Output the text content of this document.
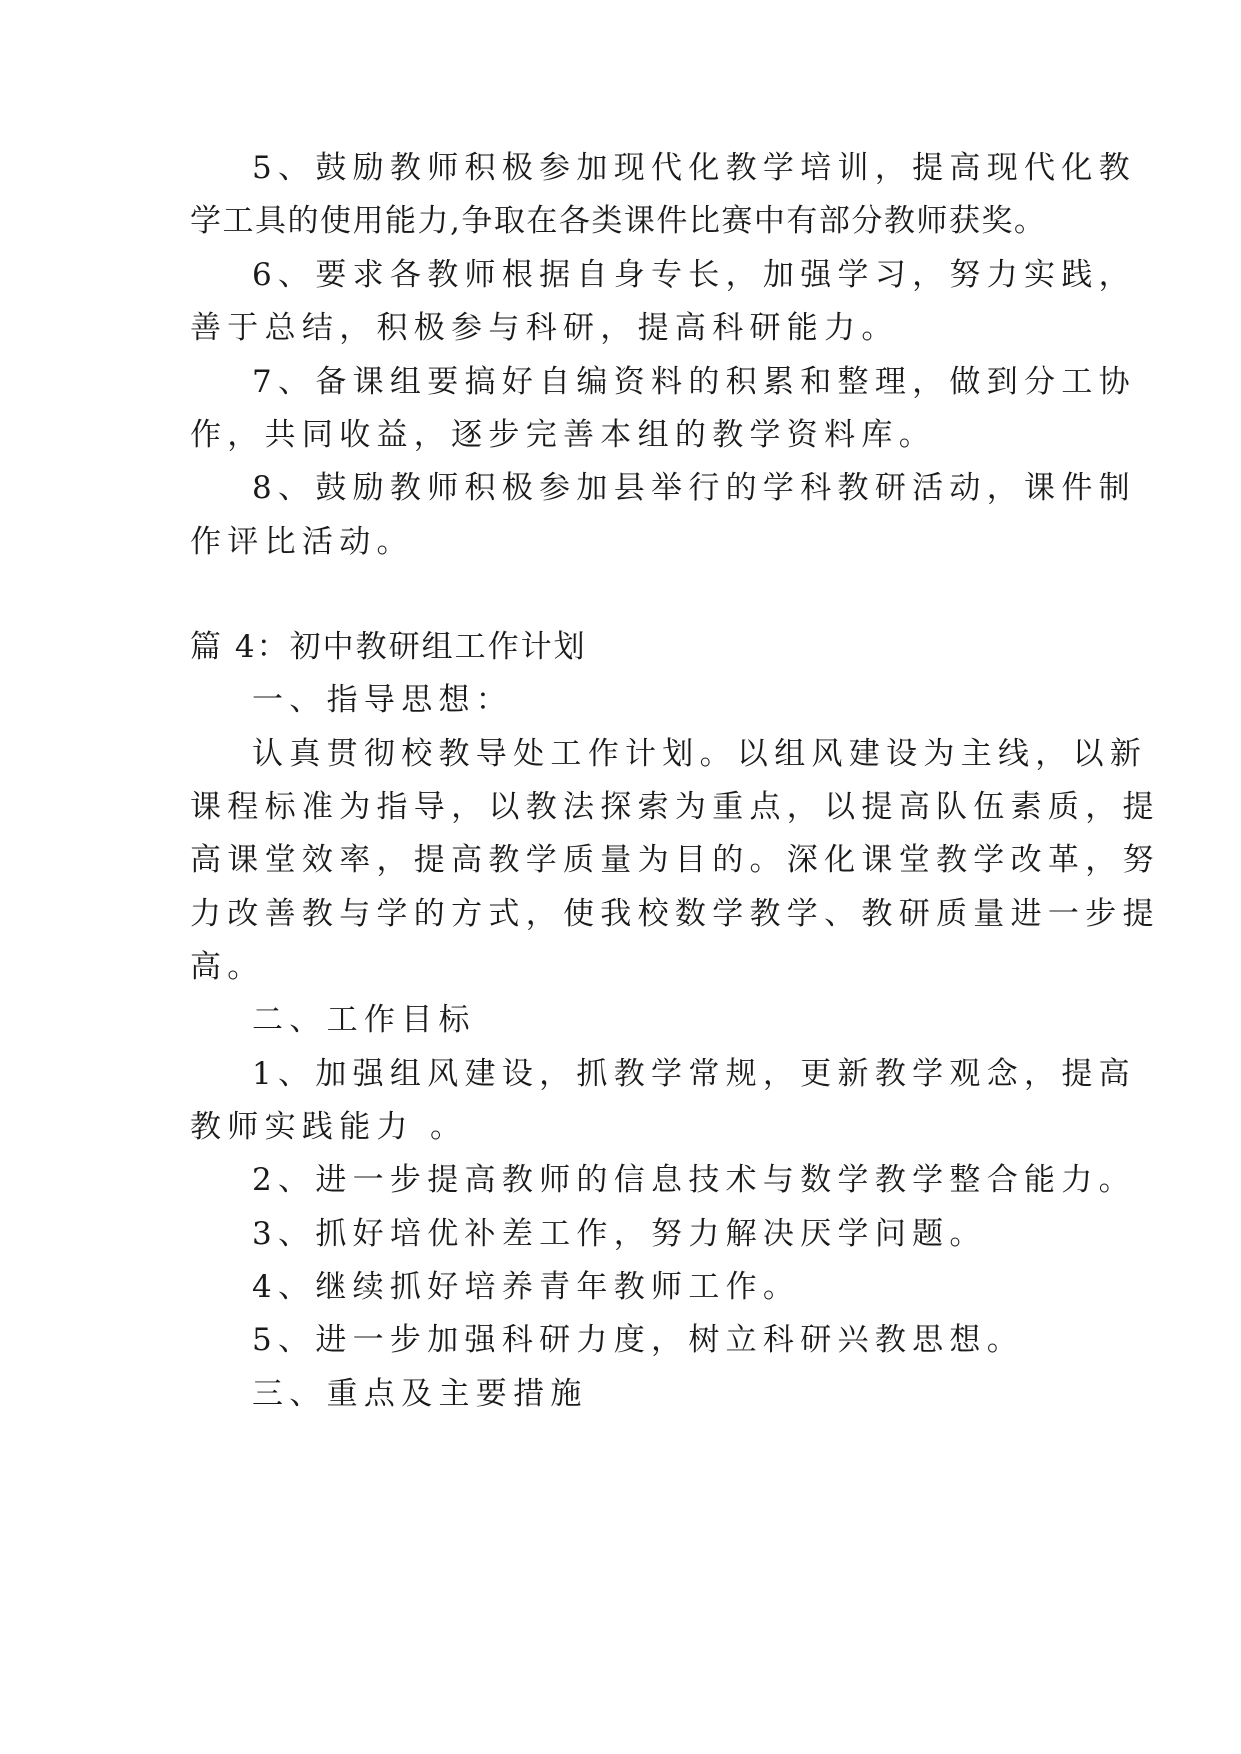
5、鼓励教师积极参加现代化教学培训，提高现代化教
学工具的使用能力,争取在各类课件比赛中有部分教师获奖。
6、要求各教师根据自身专长，加强学习，努力实践，
善于总结，积极参与科研，提高科研能力。
7、备课组要搞好自编资料的积累和整理，做到分工协
作，共同收益，逐步完善本组的教学资料库。
8、鼓励教师积极参加县举行的学科教研活动，课件制
作评比活动。
篇 4：初中教研组工作计划
一、指导思想：
认真贯彻校教导处工作计划。以组风建设为主线，以新
课程标准为指导，以教法探索为重点，以提高队伍素质，提
高课堂效率，提高教学质量为目的。深化课堂教学改革，努
力改善教与学的方式，使我校数学教学、教研质量进一步提
高。
二、工作目标
1、加强组风建设，抓教学常规，更新教学观念，提高
教师实践能力 。
2、进一步提高教师的信息技术与数学教学整合能力。
3、抓好培优补差工作，努力解决厌学问题。
4、继续抓好培养青年教师工作。
5、进一步加强科研力度，树立科研兴教思想。
三、重点及主要措施
